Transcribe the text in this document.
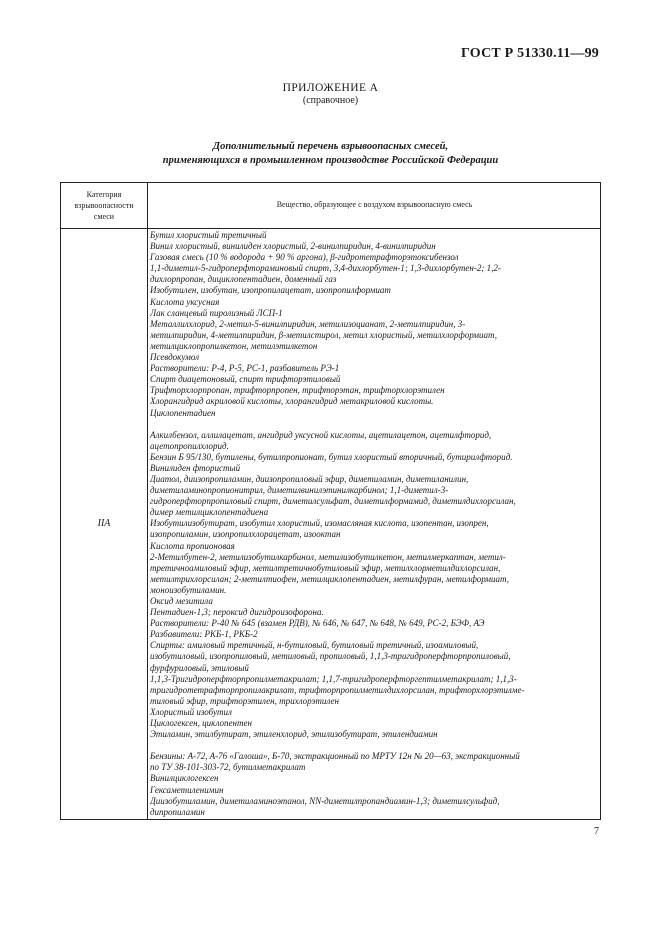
ГОСТ Р 51330.11—99
ПРИЛОЖЕНИЕ А
(справочное)
Дополнительный перечень взрывоопасных смесей,
применяющихся в промышленном производстве Российской Федерации
Категория
взрывоопасности
смеси
Вещество, образующее с воздухом взрывоопасную смесь
IIА
Бутил хлористый третичный
Винил хлористый, винилиден хлористый, 2-винилпиридин, 4-винилпиридин
Газовая смесь (10 % водорода + 90 % аргона), β-гидротетрафторэтоксибензол
1,1-диметил-5-гидроперфтораминовый спирт, 3,4-дихлорбутен-1; 1,3-дихлорбутен-2; 1,2-
дихлорпропан, дициклопентадиен, доменный газ
Изобутилен, изобутан, изопропилацетат, изопропилформиат
Кислота уксусная
Лак сланцевый пиролизный ЛСП-1
Металлилхлорид, 2-метил-5-винилпиридин, метилизоцианат, 2-метилпиридин, 3-
метилпиридин, 4-метилпиридин, β-метилстирол, метил хлористый, метилхлорформиат,
метилциклопропилкетон, метилэтилкетон
Псевдокумол
Растворители: Р-4, Р-5, РС-1, разбавитель РЭ-1
Спирт диацетоновый, спирт трифторэтиловый
Трифторхлорпропан, трифторпропен, трифторэтан, трифторхлорэтилен
Хлорангидрид акриловой кислоты, хлорангидрид метакриловой кислоты.
Циклопентадиен
Алкилбензол, аллилацетат, ангидрид уксусной кислоты, ацетилацетон, ацетилфторид,
ацетопропилхлорид.
Бензин Б 95/130, бутилены, бутилпропионат, бутил хлористый вторичный, бутирилфторид.
Винилиден фтористый
Диатол, диизопропиламин, диизопропиловый эфир, диметиламин, диметиланилин,
диметиламинопропионитрил, диметилвинилэтинилкарбинол; 1,1-диметил-3-
гидроперфторпропиловый спирт, диметилсульфат, диметилформамид, диметилдихлорсилан,
димер метилциклопентадиена
Изобутилизобутират, изобутил хлористый, изомасляная кислота, изопентан, изопрен,
изопропиламин, изопропилхлорацетат, изооктан
Кислота пропионовая
2-Метилбутен-2, метилизобутилкарбинол, метилизобутилкетон, метилмеркаптан, метил-
третичноамиловый эфир, метилтретичнобутиловый эфир, метилхлорметилдихлорсилан,
метилтрихлорсилан; 2-метилтиофен, метилциклопентадиен, метилфуран, метилформиат,
моноизобутиламин.
Оксид мезитила
Пентадиен-1,3; пероксид дигидроизофорона.
Растворители: Р-40 № 645 (взамен РДВ), № 646, № 647, № 648, № 649, РС-2, БЭФ, АЭ
Разбавители: РКБ-1, РКБ-2
Спирты: амиловый третичный, н-бутиловый, бутиловый третичный, изоамиловый,
изобутиловый, изопропиловый, метиловый, пропиловый, 1,1,3-тригидроперфторпропиловый,
фурфуриловый, этиловый
1,1,3-Тригидроперфторпропилметакрилат; 1,1,7-тригидроперфторгептилметакрилат; 1,1,3-
тригидротетрафторпропилакрилат, трифторпропилметилдихлорсилан, трифторхлорэтилме-
тиловый эфир, трифторэтилен, трихлорэтилен
Хлористый изобутил
Циклогексен, циклопентен
Этиламин, этилбутират, этиленхлорид, этилизобутират, этилендиамин
Бензины: А-72, А-76 «Галоша», Б-70, экстракционный по МРТУ 12н № 20—63, экстракционный
по ТУ 38-101-303-72, бутилметакрилат
Винилциклогексен
Гексаметиленимин
Диизобутиламин, диметиламиноэтанол, NN-диметилпропандиамин-1,3; диметилсульфид,
дипропиламин
7
